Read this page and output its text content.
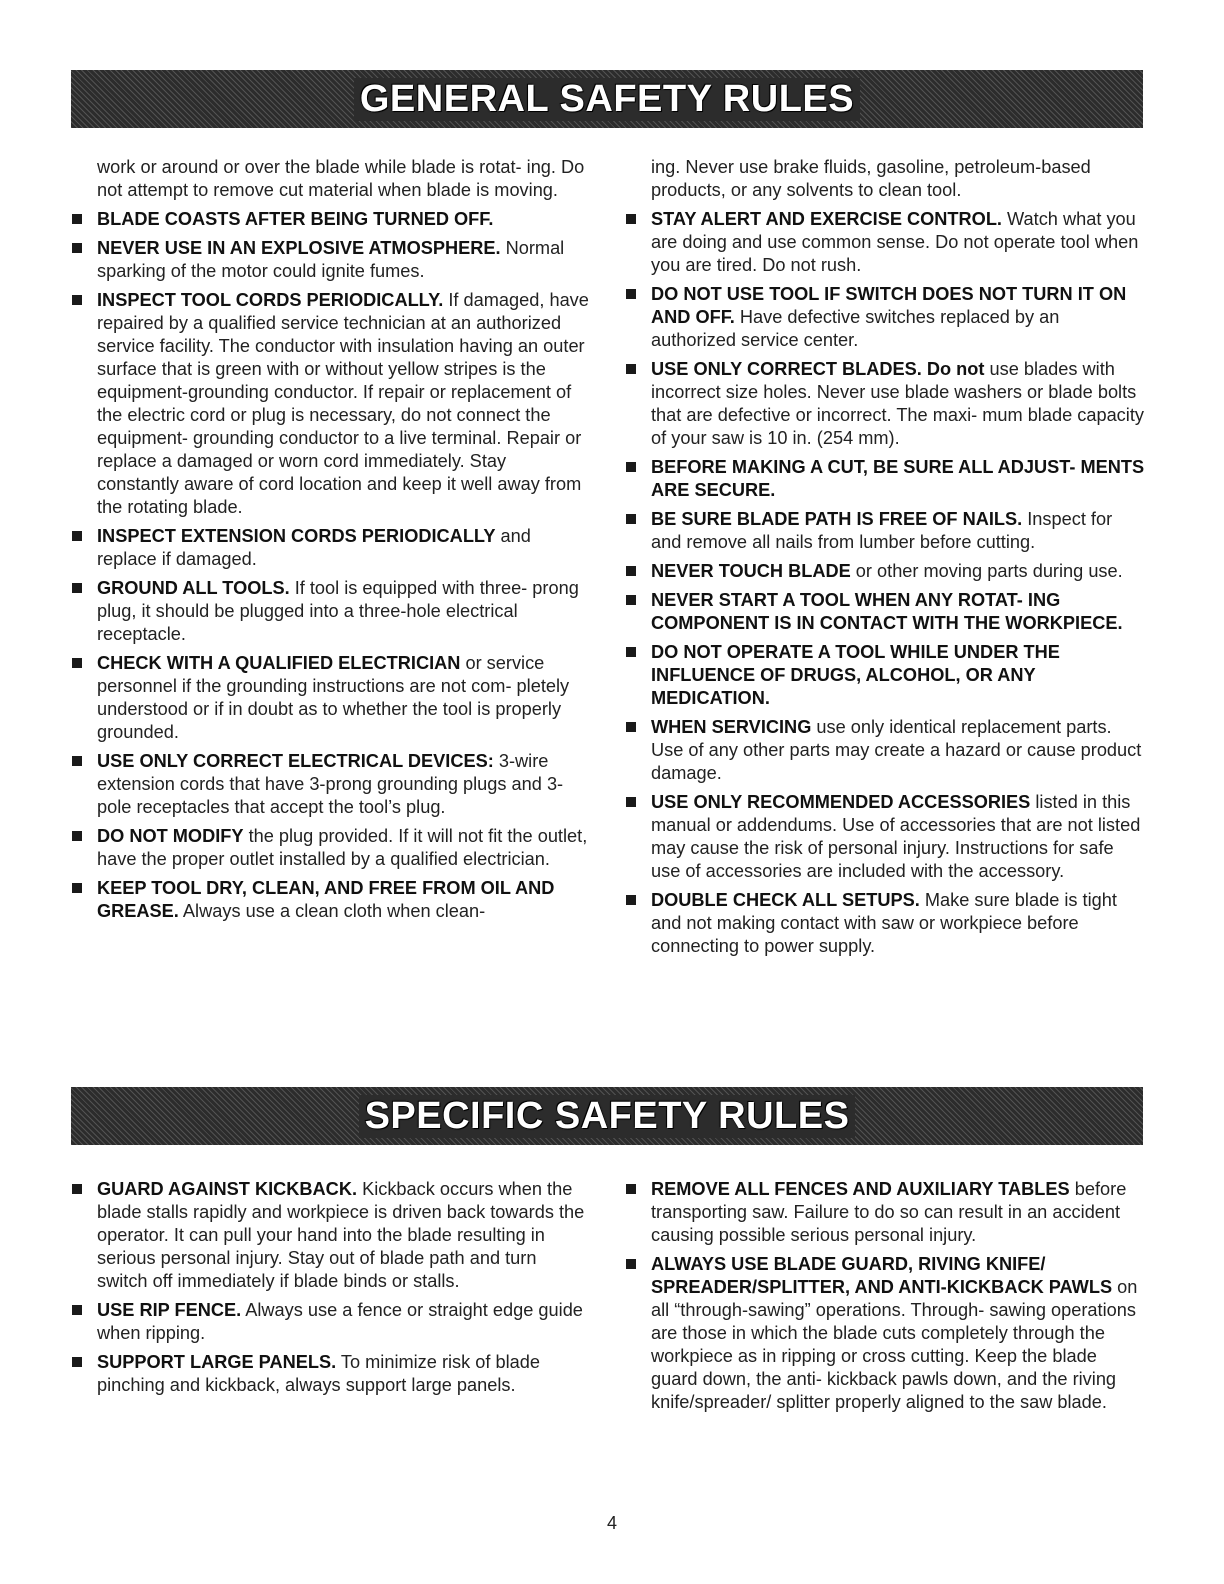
GENERAL SAFETY RULES

work or around or over the blade while blade is rotat- ing. Do not attempt to remove cut material when blade is moving.

BLADE COASTS AFTER BEING TURNED OFF.
NEVER USE IN AN EXPLOSIVE ATMOSPHERE. Normal sparking of the motor could ignite fumes.
INSPECT TOOL CORDS PERIODICALLY. If damaged, have repaired by a qualified service technician at an authorized service facility. The conductor with insulation having an outer surface that is green with or without yellow stripes is the equipment-grounding conductor. If repair or replacement of the electric cord or plug is necessary, do not connect the equipment- grounding conductor to a live terminal. Repair or replace a damaged or worn cord immediately. Stay constantly aware of cord location and keep it well away from the rotating blade.
INSPECT EXTENSION CORDS PERIODICALLY and replace if damaged.
GROUND ALL TOOLS. If tool is equipped with three- prong plug, it should be plugged into a three-hole electrical receptacle.
CHECK WITH A QUALIFIED ELECTRICIAN or service personnel if the grounding instructions are not com- pletely understood or if in doubt as to whether the tool is properly grounded.
USE ONLY CORRECT ELECTRICAL DEVICES: 3-wire extension cords that have 3-prong grounding plugs and 3-pole receptacles that accept the tool’s plug.
DO NOT MODIFY the plug provided. If it will not fit the outlet, have the proper outlet installed by a qualified electrician.
KEEP TOOL DRY, CLEAN, AND FREE FROM OIL AND GREASE. Always use a clean cloth when clean-

ing. Never use brake fluids, gasoline, petroleum-based products, or any solvents to clean tool.

STAY ALERT AND EXERCISE CONTROL. Watch what you are doing and use common sense. Do not operate tool when you are tired. Do not rush.
DO NOT USE TOOL IF SWITCH DOES NOT TURN IT ON AND OFF. Have defective switches replaced by an authorized service center.
USE ONLY CORRECT BLADES. Do not use blades with incorrect size holes. Never use blade washers or blade bolts that are defective or incorrect. The maxi- mum blade capacity of your saw is 10 in. (254 mm).
BEFORE MAKING A CUT, BE SURE ALL ADJUST- MENTS ARE SECURE.
BE SURE BLADE PATH IS FREE OF NAILS. Inspect for and remove all nails from lumber before cutting.
NEVER TOUCH BLADE or other moving parts during use.
NEVER START A TOOL WHEN ANY ROTAT- ING COMPONENT IS IN CONTACT WITH THE WORKPIECE.
DO NOT OPERATE A TOOL WHILE UNDER THE INFLUENCE OF DRUGS, ALCOHOL, OR ANY MEDICATION.
WHEN SERVICING use only identical replacement parts. Use of any other parts may create a hazard or cause product damage.
USE ONLY RECOMMENDED ACCESSORIES listed in this manual or addendums. Use of accessories that are not listed may cause the risk of personal injury. Instructions for safe use of accessories are included with the accessory.
DOUBLE CHECK ALL SETUPS. Make sure blade is tight and not making contact with saw or workpiece before connecting to power supply.
SPECIFIC SAFETY RULES
GUARD AGAINST KICKBACK. Kickback occurs when the blade stalls rapidly and workpiece is driven back towards the operator. It can pull your hand into the blade resulting in serious personal injury. Stay out of blade path and turn switch off immediately if blade binds or stalls.
USE RIP FENCE. Always use a fence or straight edge guide when ripping.
SUPPORT LARGE PANELS. To minimize risk of blade pinching and kickback, always support large panels.
REMOVE ALL FENCES AND AUXILIARY TABLES before transporting saw. Failure to do so can result in an accident causing possible serious personal injury.
ALWAYS USE BLADE GUARD, RIVING KNIFE/ SPREADER/SPLITTER, AND ANTI-KICKBACK PAWLS on all “through-sawing” operations. Through- sawing operations are those in which the blade cuts completely through the workpiece as in ripping or cross cutting. Keep the blade guard down, the anti- kickback pawls down, and the riving knife/spreader/ splitter properly aligned to the saw blade.
4
